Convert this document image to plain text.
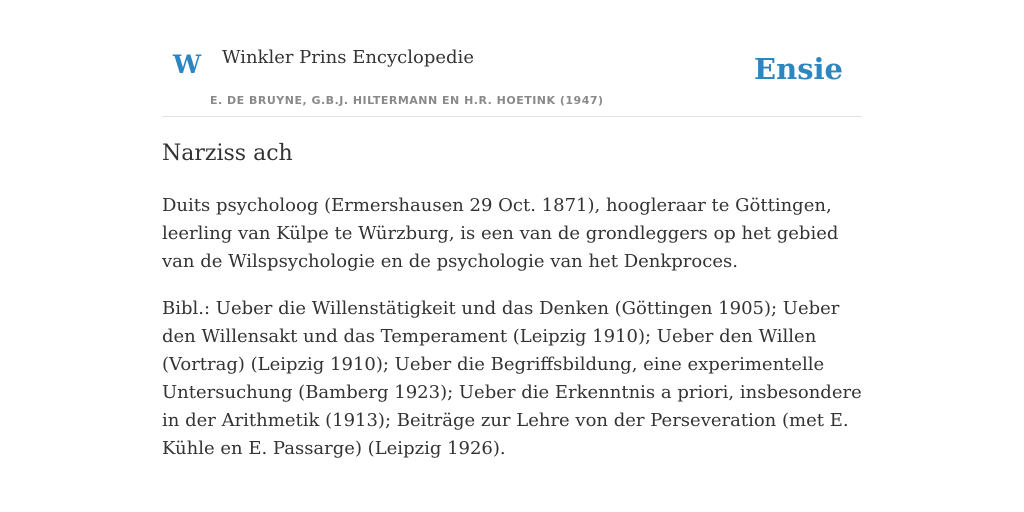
W Winkler Prins Encyclopedie
E. DE BRUYNE, G.B.J. HILTERMANN EN H.R. HOETINK (1947)
Ensie
Narziss ach

Duits psycholoog (Ermershausen 29 Oct. 1871), hoogleraar te Göttingen, leerling van Külpe te Würzburg, is een van de grondleggers op het gebied van de Wilspsychologie en de psychologie van het Denkproces.

Bibl.: Ueber die Willenstätigkeit und das Denken (Göttingen 1905); Ueber den Willensakt und das Temperament (Leipzig 1910); Ueber den Willen (Vortrag) (Leipzig 1910); Ueber die Begriffsbildung, eine experimentelle Untersuchung (Bamberg 1923); Ueber die Erkenntnis a priori, insbesondere in der Arithmetik (1913); Beiträge zur Lehre von der Perseveration (met E. Kühle en E. Passarge) (Leipzig 1926).
